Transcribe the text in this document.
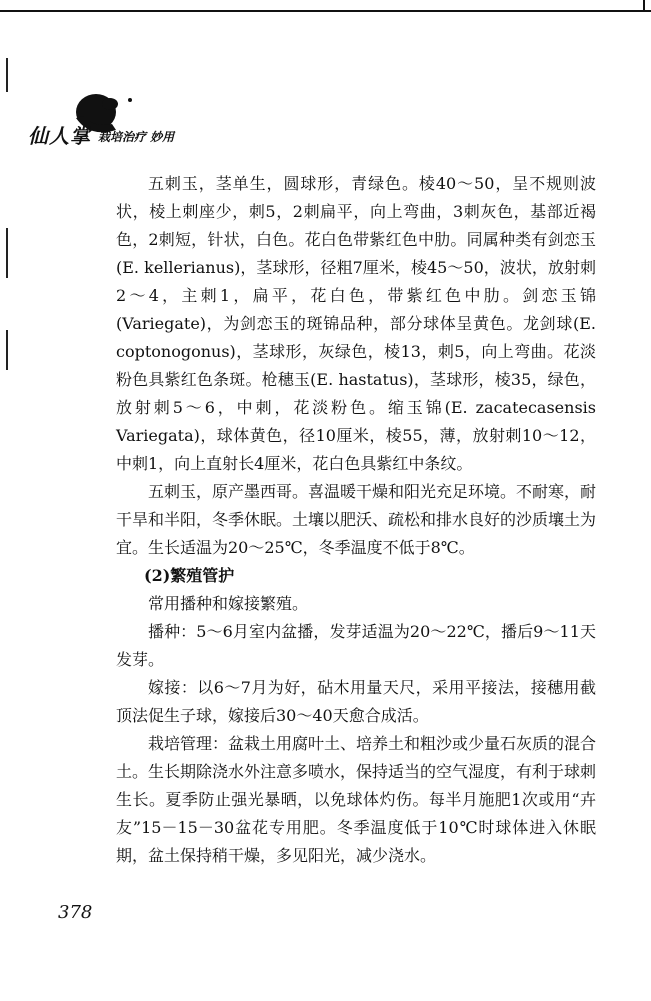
仙人掌 栽培治疗 妙用

五刺玉，茎单生，圆球形，青绿色。棱40～50，呈不规则波状，棱上刺座少，刺5，2刺扁平，向上弯曲，3刺灰色，基部近褐色，2刺短，针状，白色。花白色带紫红色中肋。同属种类有剑恋玉(E. kellerianus)，茎球形，径粗7厘米，棱45～50，波状，放射刺2～4，主刺1，扁平，花白色，带紫红色中肋。剑恋玉锦(Variegate)，为剑恋玉的斑锦品种，部分球体呈黄色。龙剑球(E. coptonogonus)，茎球形，灰绿色，棱13，刺5，向上弯曲。花淡粉色具紫红色条斑。枪穗玉(E. hastatus)，茎球形，棱35，绿色，放射刺5～6，中刺，花淡粉色。缩玉锦(E. zacatecasensis Variegata)，球体黄色，径10厘米，棱55，薄，放射刺10～12，中刺1，向上直射长4厘米，花白色具紫红中条纹。

五刺玉，原产墨西哥。喜温暖干燥和阳光充足环境。不耐寒，耐干旱和半阳，冬季休眠。土壤以肥沃、疏松和排水良好的沙质壤土为宜。生长适温为20～25℃，冬季温度不低于8℃。

(2)繁殖管护

常用播种和嫁接繁殖。

播种：5～6月室内盆播，发芽适温为20～22℃，播后9～11天发芽。

嫁接：以6～7月为好，砧木用量天尺，采用平接法，接穗用截顶法促生子球，嫁接后30～40天愈合成活。

栽培管理：盆栽土用腐叶土、培养土和粗沙或少量石灰质的混合土。生长期除浇水外注意多喷水，保持适当的空气湿度，有利于球刺生长。夏季防止强光暴晒，以免球体灼伤。每半月施肥1次或用“卉友”15－15－30盆花专用肥。冬季温度低于10℃时球体进入休眠期，盆土保持稍干燥，多见阳光，减少浇水。

378
